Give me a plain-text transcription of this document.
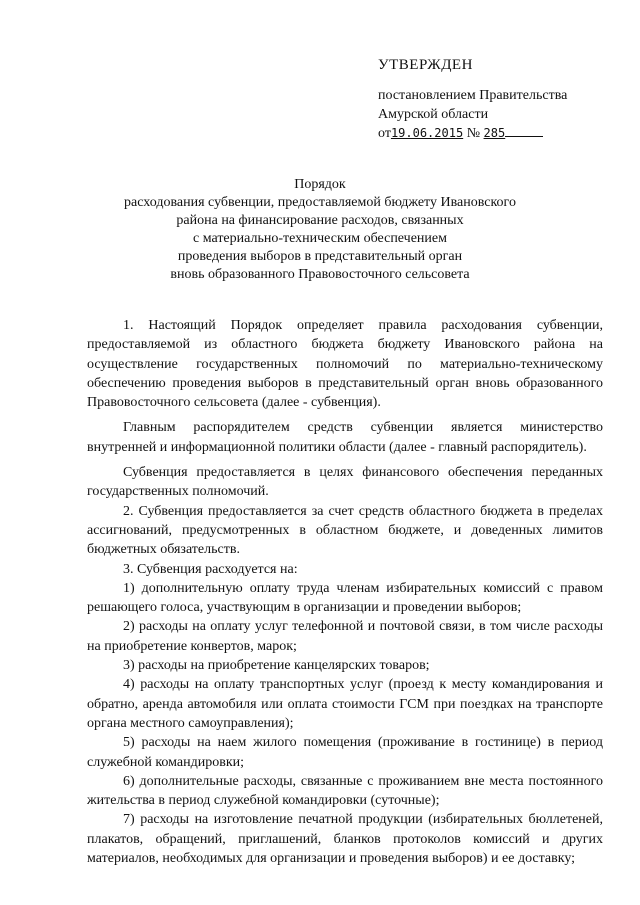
УТВЕРЖДЕН
постановлением Правительства
Амурской области
от19.06.2015 № 285
Порядок
расходования субвенции, предоставляемой бюджету Ивановского
района на финансирование расходов, связанных
с материально-техническим обеспечением
проведения выборов в представительный орган
вновь образованного Правовосточного сельсовета

1. Настоящий Порядок определяет правила расходования субвенции, предоставляемой из областного бюджета бюджету Ивановского района на осуществление государственных полномочий по материально-техническому обеспечению проведения выборов в представительный орган вновь образованного Правовосточного сельсовета (далее - субвенция).

Главным распорядителем средств субвенции является министерство внутренней и информационной политики области (далее - главный распорядитель).

Субвенция предоставляется в целях финансового обеспечения переданных государственных полномочий.

2. Субвенция предоставляется за счет средств областного бюджета в пределах ассигнований, предусмотренных в областном бюджете, и доведенных лимитов бюджетных обязательств.

3. Субвенция расходуется на:

1) дополнительную оплату труда членам избирательных комиссий с правом решающего голоса, участвующим в организации и проведении выборов;

2) расходы на оплату услуг телефонной и почтовой связи, в том числе расходы на приобретение конвертов, марок;

3) расходы на приобретение канцелярских товаров;

4) расходы на оплату транспортных услуг (проезд к месту командирования и обратно, аренда автомобиля или оплата стоимости ГСМ при поездках на транспорте органа местного самоуправления);

5) расходы на наем жилого помещения (проживание в гостинице) в период служебной командировки;

6) дополнительные расходы, связанные с проживанием вне места постоянного жительства в период служебной командировки (суточные);

7) расходы на изготовление печатной продукции (избирательных бюллетеней, плакатов, обращений, приглашений, бланков протоколов комиссий и других материалов, необходимых для организации и проведения выборов) и ее доставку;
